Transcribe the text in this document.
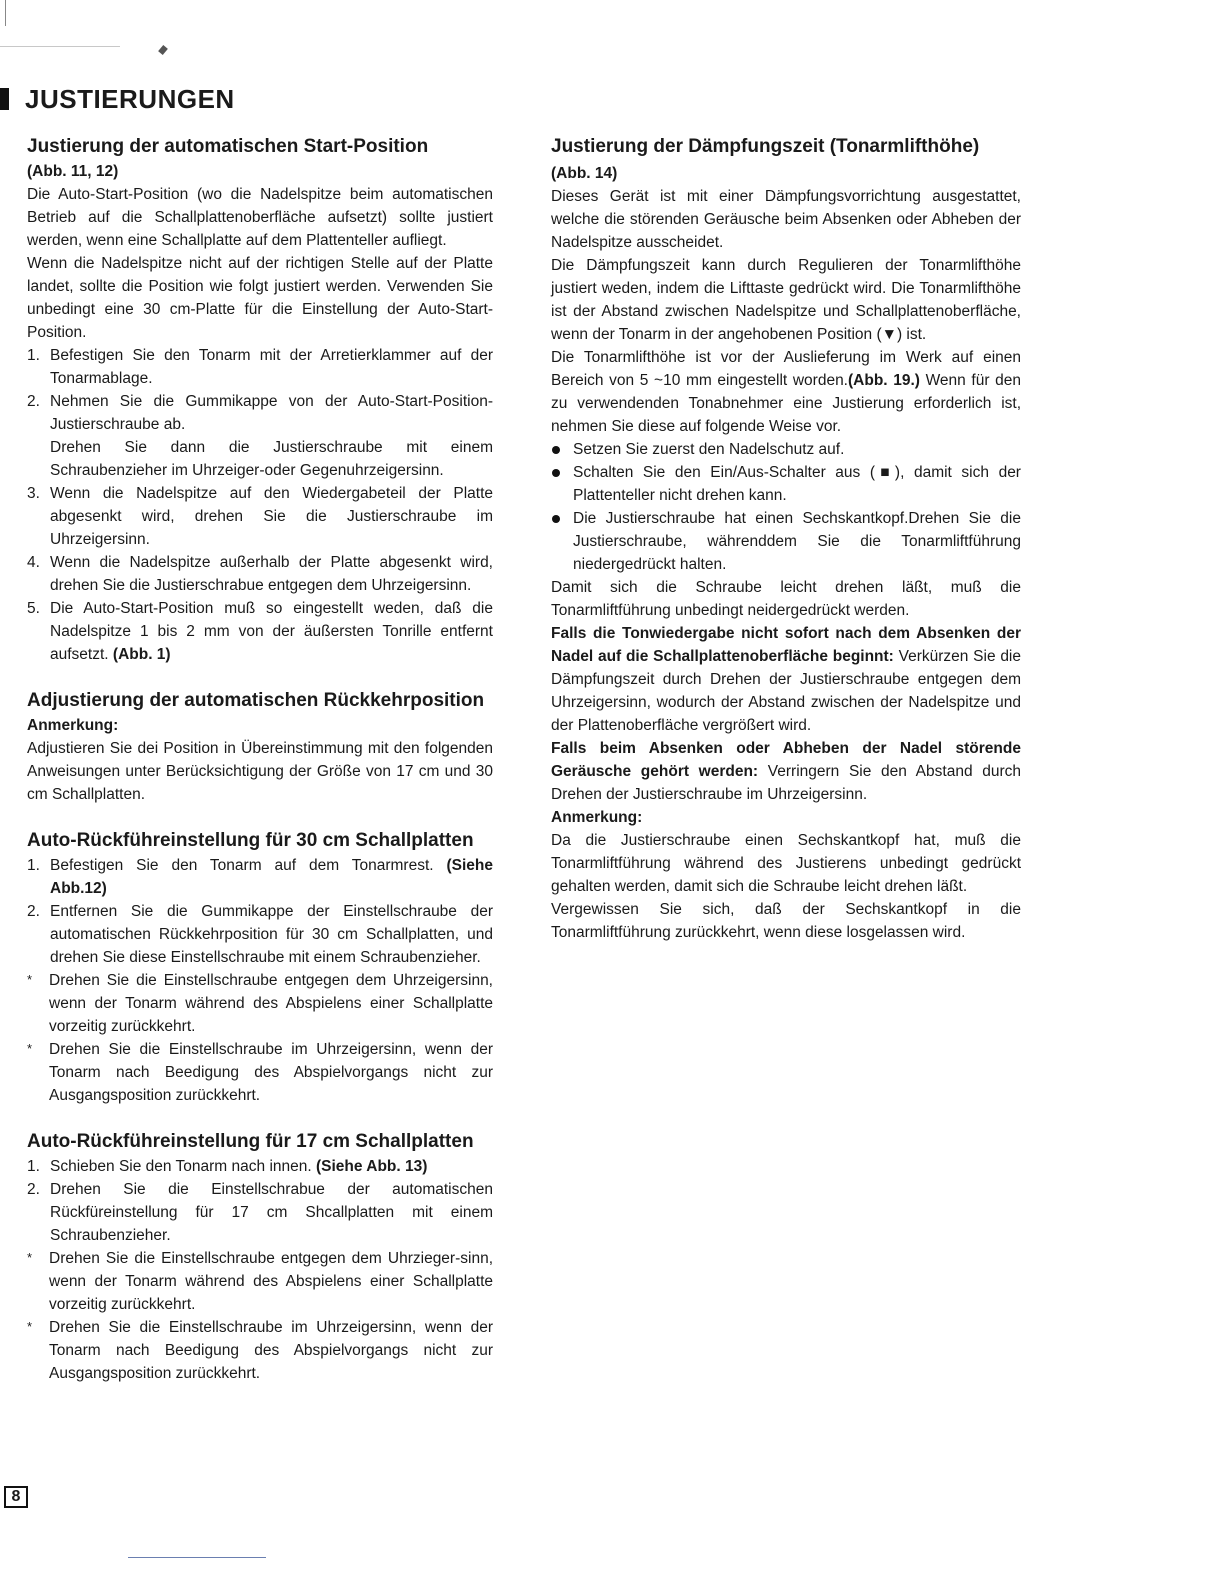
JUSTIERUNGEN
Justierung der automatischen Start-Position

(Abb. 11, 12)

Die Auto-Start-Position (wo die Nadelspitze beim automatischen Betrieb auf die Schallplattenoberfläche aufsetzt) sollte justiert werden, wenn eine Schallplatte auf dem Plattenteller aufliegt.

Wenn die Nadelspitze nicht auf der richtigen Stelle auf der Platte landet, sollte die Position wie folgt justiert werden. Verwenden Sie unbedingt eine 30 cm-Platte für die Einstellung der Auto-Start-Position.

1. Befestigen Sie den Tonarm mit der Arretierklammer auf der Tonarmablage.
2. Nehmen Sie die Gummikappe von der Auto-Start-Position-Justierschraube ab.
Drehen Sie dann die Justierschraube mit einem Schraubenzieher im Uhrzeiger-oder Gegenuhrzeigersinn.
3. Wenn die Nadelspitze auf den Wiedergabeteil der Platte abgesenkt wird, drehen Sie die Justierschraube im Uhrzeigersinn.
4. Wenn die Nadelspitze außerhalb der Platte abgesenkt wird, drehen Sie die Justierschrabue entgegen dem Uhrzeigersinn.
5. Die Auto-Start-Position muß so eingestellt weden, daß die Nadelspitze 1 bis 2 mm von der äußersten Tonrille entfernt aufsetzt. (Abb. 1)
Adjustierung der automatischen Rückkehrposition

Anmerkung:

Adjustieren Sie dei Position in Übereinstimmung mit den folgenden Anweisungen unter Berücksichtigung der Größe von 17 cm und 30 cm Schallplatten.

Auto-Rückführeinstellung für 30 cm Schallplatten
1. Befestigen Sie den Tonarm auf dem Tonarmrest. (Siehe Abb.12)
2. Entfernen Sie die Gummikappe der Einstellschraube der automatischen Rückkehrposition für 30 cm Schallplatten, und drehen Sie diese Einstellschraube mit einem Schraubenzieher.
* Drehen Sie die Einstellschraube entgegen dem Uhrzeigersinn, wenn der Tonarm während des Abspielens einer Schallplatte vorzeitig zurückkehrt.
* Drehen Sie die Einstellschraube im Uhrzeigersinn, wenn der Tonarm nach Beedigung des Abspielvorgangs nicht zur Ausgangsposition zurückkehrt.
Auto-Rückführeinstellung für 17 cm Schallplatten
1. Schieben Sie den Tonarm nach innen. (Siehe Abb. 13)
2. Drehen Sie die Einstellschrabue der automatischen Rückfüreinstellung für 17 cm Shcallplatten mit einem Schraubenzieher.
* Drehen Sie die Einstellschraube entgegen dem Uhrzieger-sinn, wenn der Tonarm während des Abspielens einer Schallplatte vorzeitig zurückkehrt.
* Drehen Sie die Einstellschraube im Uhrzeigersinn, wenn der Tonarm nach Beedigung des Abspielvorgangs nicht zur Ausgangsposition zurückkehrt.
Justierung der Dämpfungszeit (Tonarmlifthöhe)

(Abb. 14)

Dieses Gerät ist mit einer Dämpfungsvorrichtung ausgestattet, welche die störenden Geräusche beim Absenken oder Abheben der Nadelspitze ausscheidet.

Die Dämpfungszeit kann durch Regulieren der Tonarmlifthöhe justiert weden, indem die Lifttaste gedrückt wird. Die Tonarmlifthöhe ist der Abstand zwischen Nadelspitze und Schallplattenoberfläche, wenn der Tonarm in der angehobenen Position (▼) ist.

Die Tonarmlifthöhe ist vor der Auslieferung im Werk auf einen Bereich von 5 ~10 mm eingestellt worden.(Abb. 19.) Wenn für den zu verwendenden Tonabnehmer eine Justierung erforderlich ist, nehmen Sie diese auf folgende Weise vor.

Setzen Sie zuerst den Nadelschutz auf.
Schalten Sie den Ein/Aus-Schalter aus (■), damit sich der Plattenteller nicht drehen kann.
Die Justierschraube hat einen Sechskantkopf.Drehen Sie die Justierschraube, währenddem Sie die Tonarmliftführung niedergedrückt halten.

Damit sich die Schraube leicht drehen läßt, muß die Tonarmliftführung unbedingt neidergedrückt werden.

Falls die Tonwiedergabe nicht sofort nach dem Absenken der Nadel auf die Schallplattenoberfläche beginnt: Verkürzen Sie die Dämpfungszeit durch Drehen der Justierschraube entgegen dem Uhrzeigersinn, wodurch der Abstand zwischen der Nadelspitze und der Plattenoberfläche vergrößert wird.

Falls beim Absenken oder Abheben der Nadel störende Geräusche gehört werden: Verringern Sie den Abstand durch Drehen der Justierschraube im Uhrzeigersinn.

Anmerkung:

Da die Justierschraube einen Sechskantkopf hat, muß die Tonarmliftführung während des Justierens unbedingt gedrückt gehalten werden, damit sich die Schraube leicht drehen läßt.

Vergewissen Sie sich, daß der Sechskantkopf in die Tonarmliftführung zurückkehrt, wenn diese losgelassen wird.

8
